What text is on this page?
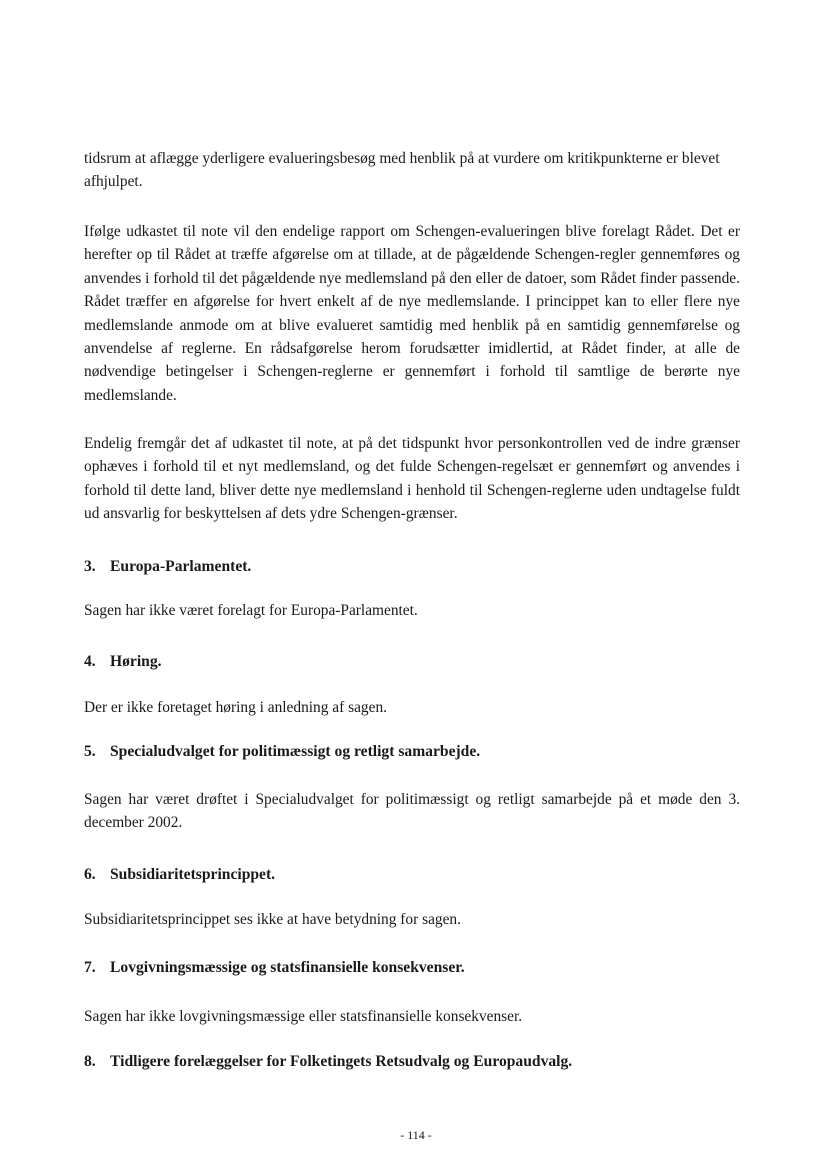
tidsrum at aflægge yderligere evalueringsbesøg med henblik på at vurdere om kritikpunkterne er blevet afhjulpet.

Ifølge udkastet til note vil den endelige rapport om Schengen-evalueringen blive forelagt Rådet. Det er herefter op til Rådet at træffe afgørelse om at tillade, at de pågældende Schengen-regler gennemføres og anvendes i forhold til det pågældende nye medlemsland på den eller de datoer, som Rådet finder passende. Rådet træffer en afgørelse for hvert enkelt af de nye medlemslande. I princippet kan to eller flere nye medlemslande anmode om at blive evalueret samtidig med henblik på en samtidig gennemførelse og anvendelse af reglerne. En rådsafgørelse herom forudsætter imidlertid, at Rådet finder, at alle de nødvendige betingelser i Schengen-reglerne er gennemført i forhold til samtlige de berørte nye medlemslande.

Endelig fremgår det af udkastet til note, at på det tidspunkt hvor personkontrollen ved de indre grænser ophæves i forhold til et nyt medlemsland, og det fulde Schengen-regelsæt er gennemført og anvendes i forhold til dette land, bliver dette nye medlemsland i henhold til Schengen-reglerne uden undtagelse fuldt ud ansvarlig for beskyttelsen af dets ydre Schengen-grænser.

3. Europa-Parlamentet.

Sagen har ikke været forelagt for Europa-Parlamentet.

4. Høring.

Der er ikke foretaget høring i anledning af sagen.

5. Specialudvalget for politimæssigt og retligt samarbejde.

Sagen har været drøftet i Specialudvalget for politimæssigt og retligt samarbejde på et møde den 3. december 2002.

6. Subsidiaritetsprincippet.

Subsidiaritetsprincippet ses ikke at have betydning for sagen.

7. Lovgivningsmæssige og statsfinansielle konsekvenser.

Sagen har ikke lovgivningsmæssige eller statsfinansielle konsekvenser.

8. Tidligere forelæggelser for Folketingets Retsudvalg og Europaudvalg.
- 114 -
